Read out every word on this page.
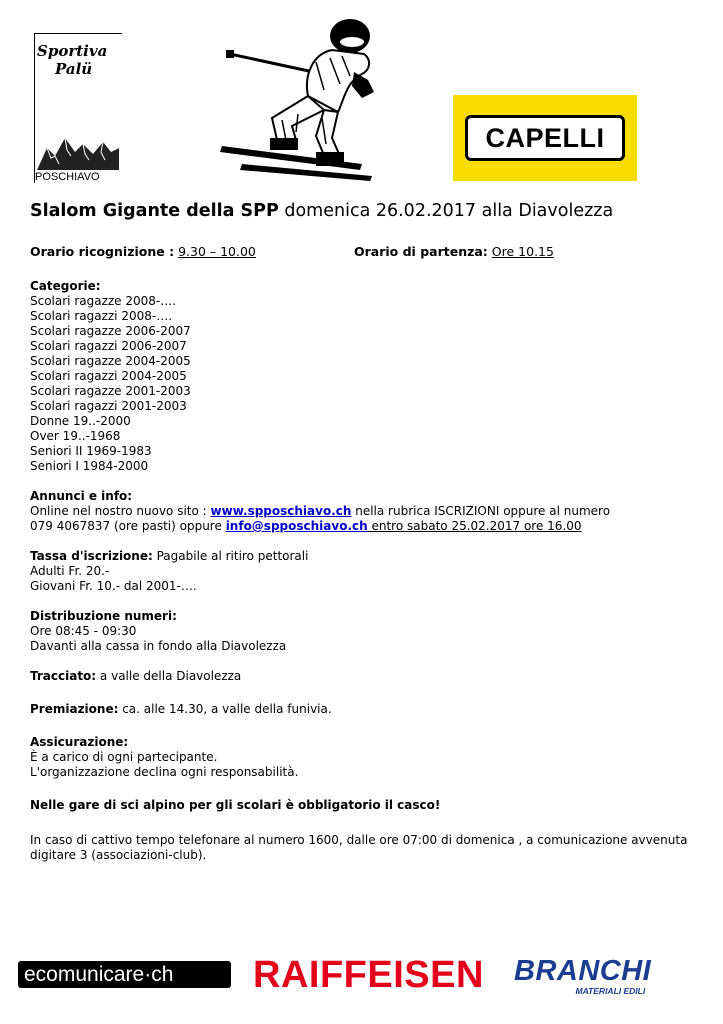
Sportiva
Palü
POSCHIAVO
CAPELLI
Slalom Gigante della SPP domenica 26.02.2017 alla Diavolezza
Orario ricognizione : 9.30 – 10.00	Orario di partenza: Ore 10.15
Categorie:
Scolari ragazze 2008-….
Scolari ragazzi 2008-….
Scolari ragazze 2006-2007
Scolari ragazzi 2006-2007
Scolari ragazze 2004-2005
Scolari ragazzi 2004-2005
Scolari ragazze 2001-2003
Scolari ragazzi 2001-2003
Donne 19..-2000
Over 19..-1968
Seniori II 1969-1983
Seniori I 1984-2000
Annunci e info:
Online nel nostro nuovo sito : www.spposchiavo.ch nella rubrica ISCRIZIONI oppure al numero
079 4067837 (ore pasti) oppure info@spposchiavo.ch entro sabato 25.02.2017 ore 16.00
Tassa d'iscrizione: Pagabile al ritiro pettorali
Adulti Fr. 20.-
Giovani Fr. 10.- dal 2001-….
Distribuzione numeri:
Ore 08:45 - 09:30
Davanti alla cassa in fondo alla Diavolezza
Tracciato: a valle della Diavolezza
Premiazione: ca. alle 14.30, a valle della funivia.
Assicurazione:
È a carico di ogni partecipante.
L'organizzazione declina ogni responsabilità.

Nelle gare di sci alpino per gli scolari è obbligatorio il casco!

In caso di cattivo tempo telefonare al numero 1600, dalle ore 07:00 di domenica , a comunicazione avvenuta digitare 3 (associazioni-club).

ecomunicare·ch	RAIFFEISEN BRANCHI
MATERIALI EDILI
